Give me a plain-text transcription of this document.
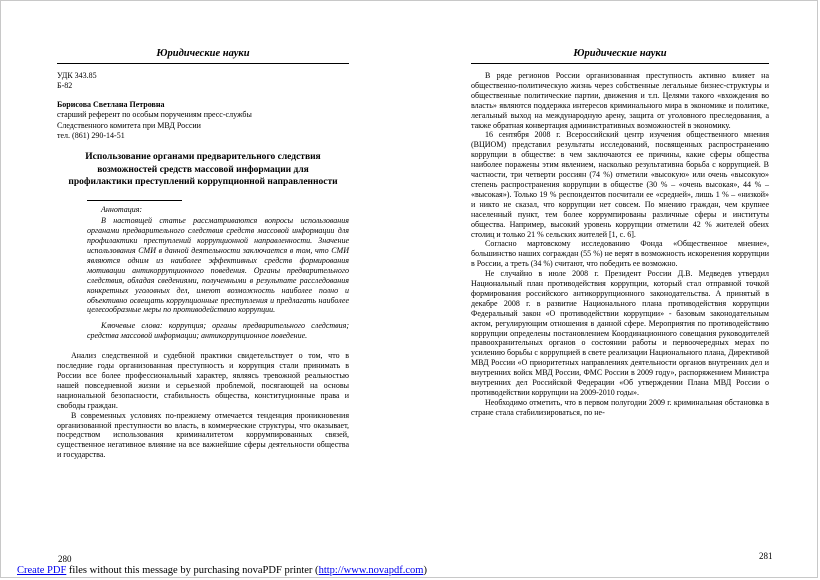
Юридические науки
УДК 343.85
Б-82
Борисова Светлана Петровна
старший референт по особым поручениям пресс-службы
Следственного комитета при МВД России
тел. (861) 290-14-51
Использование органами предварительного следствия возможностей средств массовой информации для профилактики преступлений коррупционной направленности

Аннотация:

В настоящей статье рассматриваются вопросы использования органами предварительного следствия средств массовой информации для профилактики преступлений коррупционной направленности. Значение использования СМИ в данной деятельности заключается в том, что СМИ являются одним из наиболее эффективных средств формирования мотивации антикоррупционного поведения. Органы предварительного следствия, обладая сведениями, полученными в результате расследования конкретных уголовных дел, имеют возможность наиболее полно и объективно освещать коррупционные преступления и предлагать наиболее целесообразные меры по противодействию коррупции.

Ключевые слова: коррупция; органы предварительного следствия; средства массовой информации; антикоррупционное поведение.

Анализ следственной и судебной практики свидетельствует о том, что в последние годы организованная преступность и коррупция стали принимать в России все более профессиональный характер, являясь тревожной реальностью нашей повседневной жизни и серьезной проблемой, посягающей на основы национальной безопасности, стабильность общества, конституционные права и свободы граждан.

В современных условиях по-прежнему отмечается тенденция проникновения организованной преступности во власть, в коммерческие структуры, что оказывает, посредством использования криминалитетом коррумпированных связей, существенное негативное влияние на все важнейшие сферы деятельности общества и государства.

Юридические науки

В ряде регионов России организованная преступность активно влияет на общественно-политическую жизнь через собственные легальные бизнес-структуры и общественные политические партии, движения и т.п. Целями такого «вхождения во власть» являются поддержка интересов криминального мира в экономике и политике, легальный выход на международную арену, защита от уголовного преследования, а также обратная конвертация административных возможностей в экономику.

16 сентября 2008 г. Всероссийский центр изучения общественного мнения (ВЦИОМ) представил результаты исследований, посвященных распространению коррупции в обществе: в чем заключаются ее причины, какие сферы общества наиболее поражены этим явлением, насколько результативна борьба с коррупцией. В частности, три четверти россиян (74 %) отметили «высокую» или очень «высокую» степень распространения коррупции в обществе (30 % – «очень высокая», 44 % – «высокая»). Только 19 % респондентов посчитали ее «средней», лишь 1 % – «низкой» и никто не сказал, что коррупции нет совсем. По мнению граждан, чем крупнее населенный пункт, тем более коррумпированы различные сферы и институты общества. Например, высокий уровень коррупции отметили 42 % жителей обеих столиц и только 21 % сельских жителей [1, с. 6].

Согласно мартовскому исследованию Фонда «Общественное мнение», большинство наших сограждан (55 %) не верят в возможность искоренения коррупции в России, а треть (34 %) считают, что победить ее возможно.

Не случайно в июле 2008 г. Президент России Д.В. Медведев утвердил Национальный план противодействия коррупции, который стал отправной точкой формирования российского антикоррупционного законодательства. А принятый в декабре 2008 г. в развитие Национального плана противодействия коррупции Федеральный закон «О противодействии коррупции» - базовым законодательным актом, регулирующим отношения в данной сфере. Мероприятия по противодействию коррупции определены постановлением Координационного совещания руководителей правоохранительных органов о состоянии работы и первоочередных мерах по усилению борьбы с коррупцией в свете реализации Национального плана, Директивой МВД России «О приоритетных направлениях деятельности органов внутренних дел и внутренних войск МВД России, ФМС России в 2009 году», распоряжением Министра внутренних дел Российской Федерации «Об утверждении Плана МВД России о противодействии коррупции на 2009-2010 годы».

Необходимо отметить, что в первом полугодии 2009 г. криминальная обстановка в стране стала стабилизироваться, по не-

280	281
Create PDF files without this message by purchasing novaPDF printer (http://www.novapdf.com)
